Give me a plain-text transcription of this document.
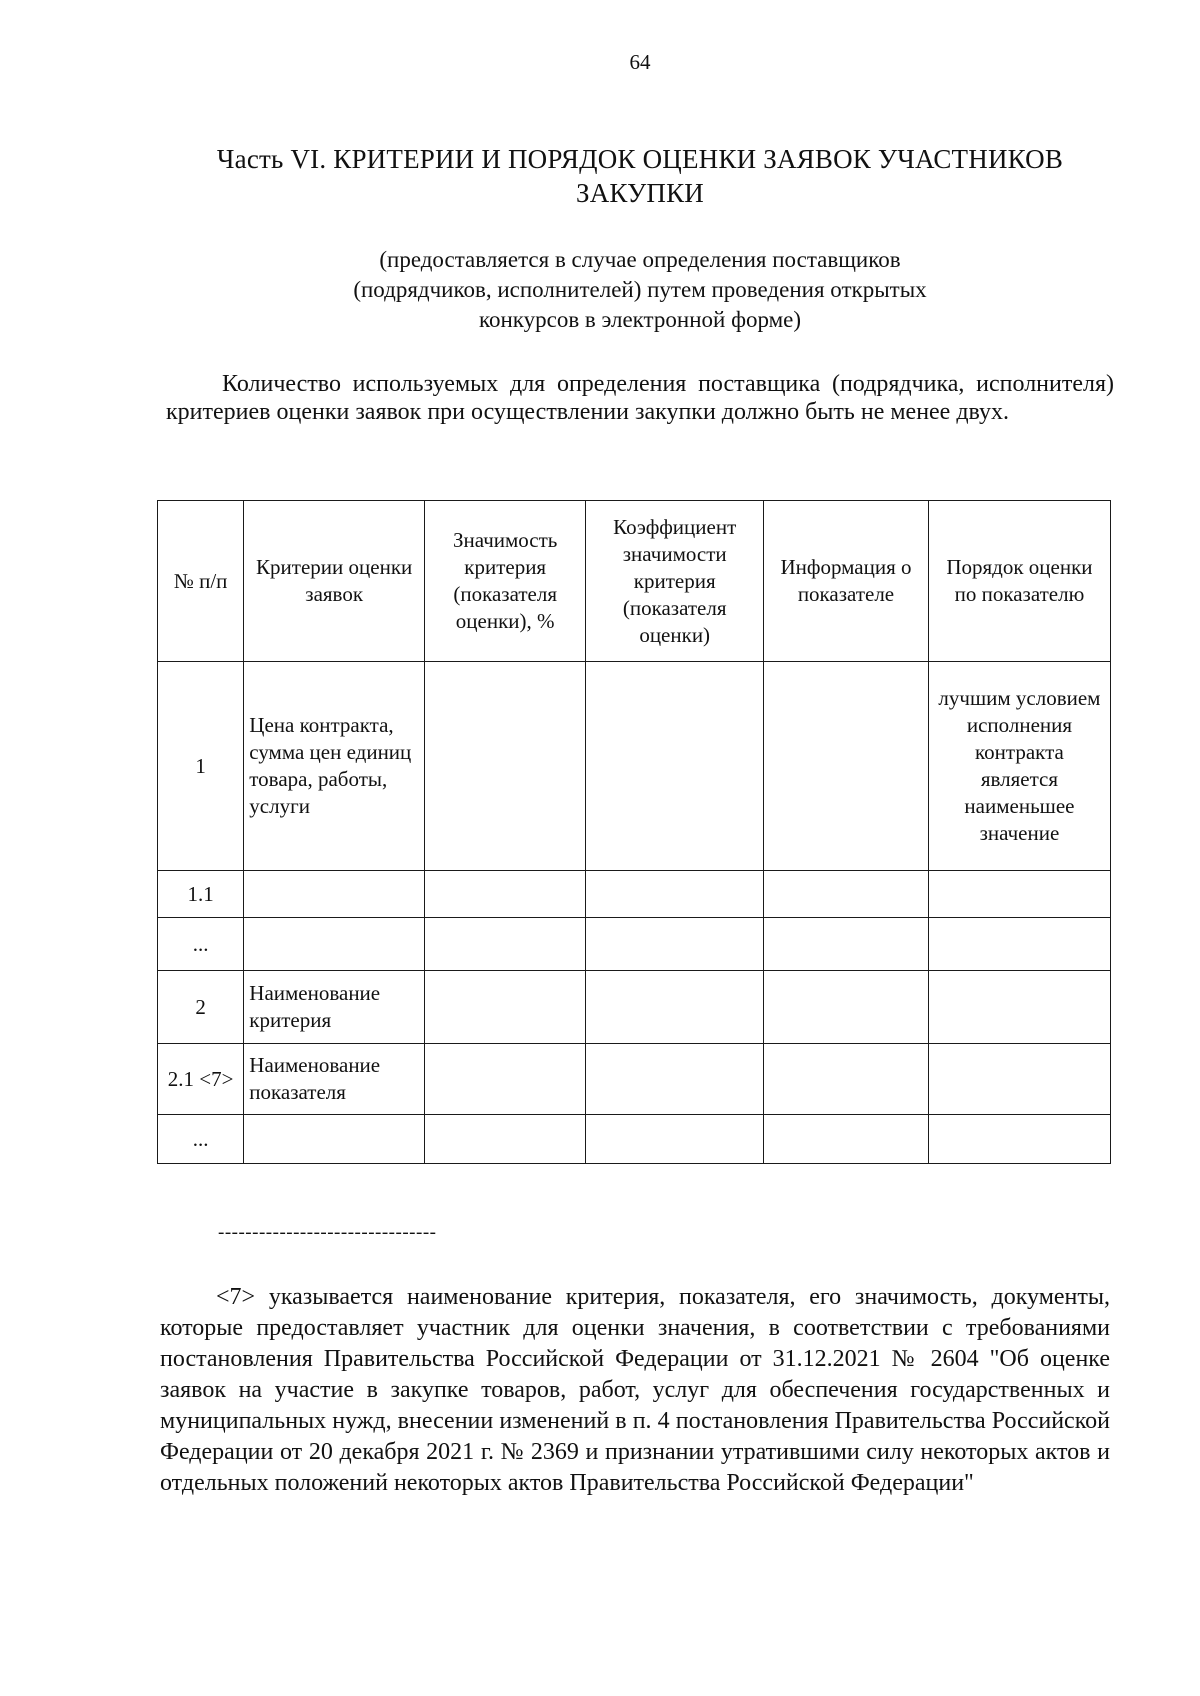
64
Часть VI. КРИТЕРИИ И ПОРЯДОК ОЦЕНКИ ЗАЯВОК УЧАСТНИКОВ
ЗАКУПКИ
(предоставляется в случае определения поставщиков
(подрядчиков, исполнителей) путем проведения открытых
конкурсов в электронной форме)

Количество используемых для определения поставщика (подрядчика, исполнителя) критериев оценки заявок при осуществлении закупки должно быть не менее двух.

№ п/п	Критерии оценки заявок	Значимость критерия (показателя оценки), %	Коэффициент значимости критерия (показателя оценки)	Информация о показателе	Порядок оценки по показателю
1	Цена контракта, сумма цен единиц товара, работы, услуги				лучшим условием исполнения контракта является наименьшее значение
1.1					
...					
2	Наименование критерия				
2.1 <7>	Наименование показателя				
...					
--------------------------------

<7> указывается наименование критерия, показателя, его значимость, документы, которые предоставляет участник для оценки значения, в соответствии с требованиями постановления Правительства Российской Федерации от 31.12.2021 № 2604 "Об оценке заявок на участие в закупке товаров, работ, услуг для обеспечения государственных и муниципальных нужд, внесении изменений в п. 4 постановления Правительства Российской Федерации от 20 декабря 2021 г. № 2369 и признании утратившими силу некоторых актов и отдельных положений некоторых актов Правительства Российской Федерации"
